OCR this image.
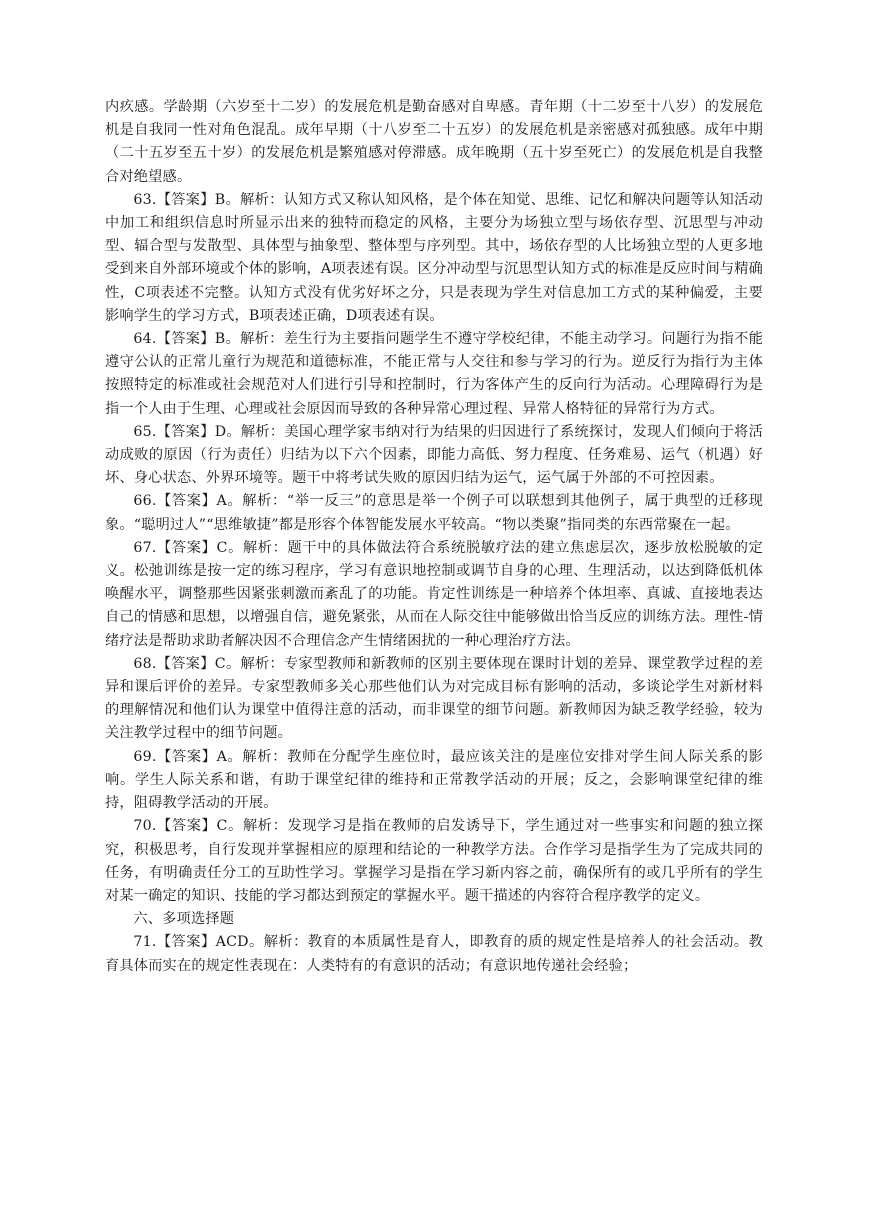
内疚感。学龄期（六岁至十二岁）的发展危机是勤奋感对自卑感。青年期（十二岁至十八岁）的发展危机是自我同一性对角色混乱。成年早期（十八岁至二十五岁）的发展危机是亲密感对孤独感。成年中期（二十五岁至五十岁）的发展危机是繁殖感对停滞感。成年晚期（五十岁至死亡）的发展危机是自我整合对绝望感。

63.【答案】B。解析：认知方式又称认知风格，是个体在知觉、思维、记忆和解决问题等认知活动中加工和组织信息时所显示出来的独特而稳定的风格，主要分为场独立型与场依存型、沉思型与冲动型、辐合型与发散型、具体型与抽象型、整体型与序列型。其中，场依存型的人比场独立型的人更多地受到来自外部环境或个体的影响，A项表述有误。区分冲动型与沉思型认知方式的标准是反应时间与精确性，C项表述不完整。认知方式没有优劣好坏之分，只是表现为学生对信息加工方式的某种偏爱，主要影响学生的学习方式，B项表述正确，D项表述有误。

64.【答案】B。解析：差生行为主要指问题学生不遵守学校纪律，不能主动学习。问题行为指不能遵守公认的正常儿童行为规范和道德标准，不能正常与人交往和参与学习的行为。逆反行为指行为主体按照特定的标准或社会规范对人们进行引导和控制时，行为客体产生的反向行为活动。心理障碍行为是指一个人由于生理、心理或社会原因而导致的各种异常心理过程、异常人格特征的异常行为方式。

65.【答案】D。解析：美国心理学家韦纳对行为结果的归因进行了系统探讨，发现人们倾向于将活动成败的原因（行为责任）归结为以下六个因素，即能力高低、努力程度、任务难易、运气（机遇）好坏、身心状态、外界环境等。题干中将考试失败的原因归结为运气，运气属于外部的不可控因素。

66.【答案】A。解析：“举一反三”的意思是举一个例子可以联想到其他例子，属于典型的迁移现象。“聪明过人”“思维敏捷”都是形容个体智能发展水平较高。“物以类聚”指同类的东西常聚在一起。

67.【答案】C。解析：题干中的具体做法符合系统脱敏疗法的建立焦虑层次，逐步放松脱敏的定义。松弛训练是按一定的练习程序，学习有意识地控制或调节自身的心理、生理活动，以达到降低机体唤醒水平，调整那些因紧张刺激而紊乱了的功能。肯定性训练是一种培养个体坦率、真诚、直接地表达自己的情感和思想，以增强自信，避免紧张，从而在人际交往中能够做出恰当反应的训练方法。理性-情绪疗法是帮助求助者解决因不合理信念产生情绪困扰的一种心理治疗方法。

68.【答案】C。解析：专家型教师和新教师的区别主要体现在课时计划的差异、课堂教学过程的差异和课后评价的差异。专家型教师多关心那些他们认为对完成目标有影响的活动，多谈论学生对新材料的理解情况和他们认为课堂中值得注意的活动，而非课堂的细节问题。新教师因为缺乏教学经验，较为关注教学过程中的细节问题。

69.【答案】A。解析：教师在分配学生座位时，最应该关注的是座位安排对学生间人际关系的影响。学生人际关系和谐，有助于课堂纪律的维持和正常教学活动的开展；反之，会影响课堂纪律的维持，阻碍教学活动的开展。

70.【答案】C。解析：发现学习是指在教师的启发诱导下，学生通过对一些事实和问题的独立探究，积极思考，自行发现并掌握相应的原理和结论的一种教学方法。合作学习是指学生为了完成共同的任务，有明确责任分工的互助性学习。掌握学习是指在学习新内容之前，确保所有的或几乎所有的学生对某一确定的知识、技能的学习都达到预定的掌握水平。题干描述的内容符合程序教学的定义。

六、多项选择题

71.【答案】ACD。解析：教育的本质属性是育人，即教育的质的规定性是培养人的社会活动。教育具体而实在的规定性表现在：人类特有的有意识的活动；有意识地传递社会经验；
